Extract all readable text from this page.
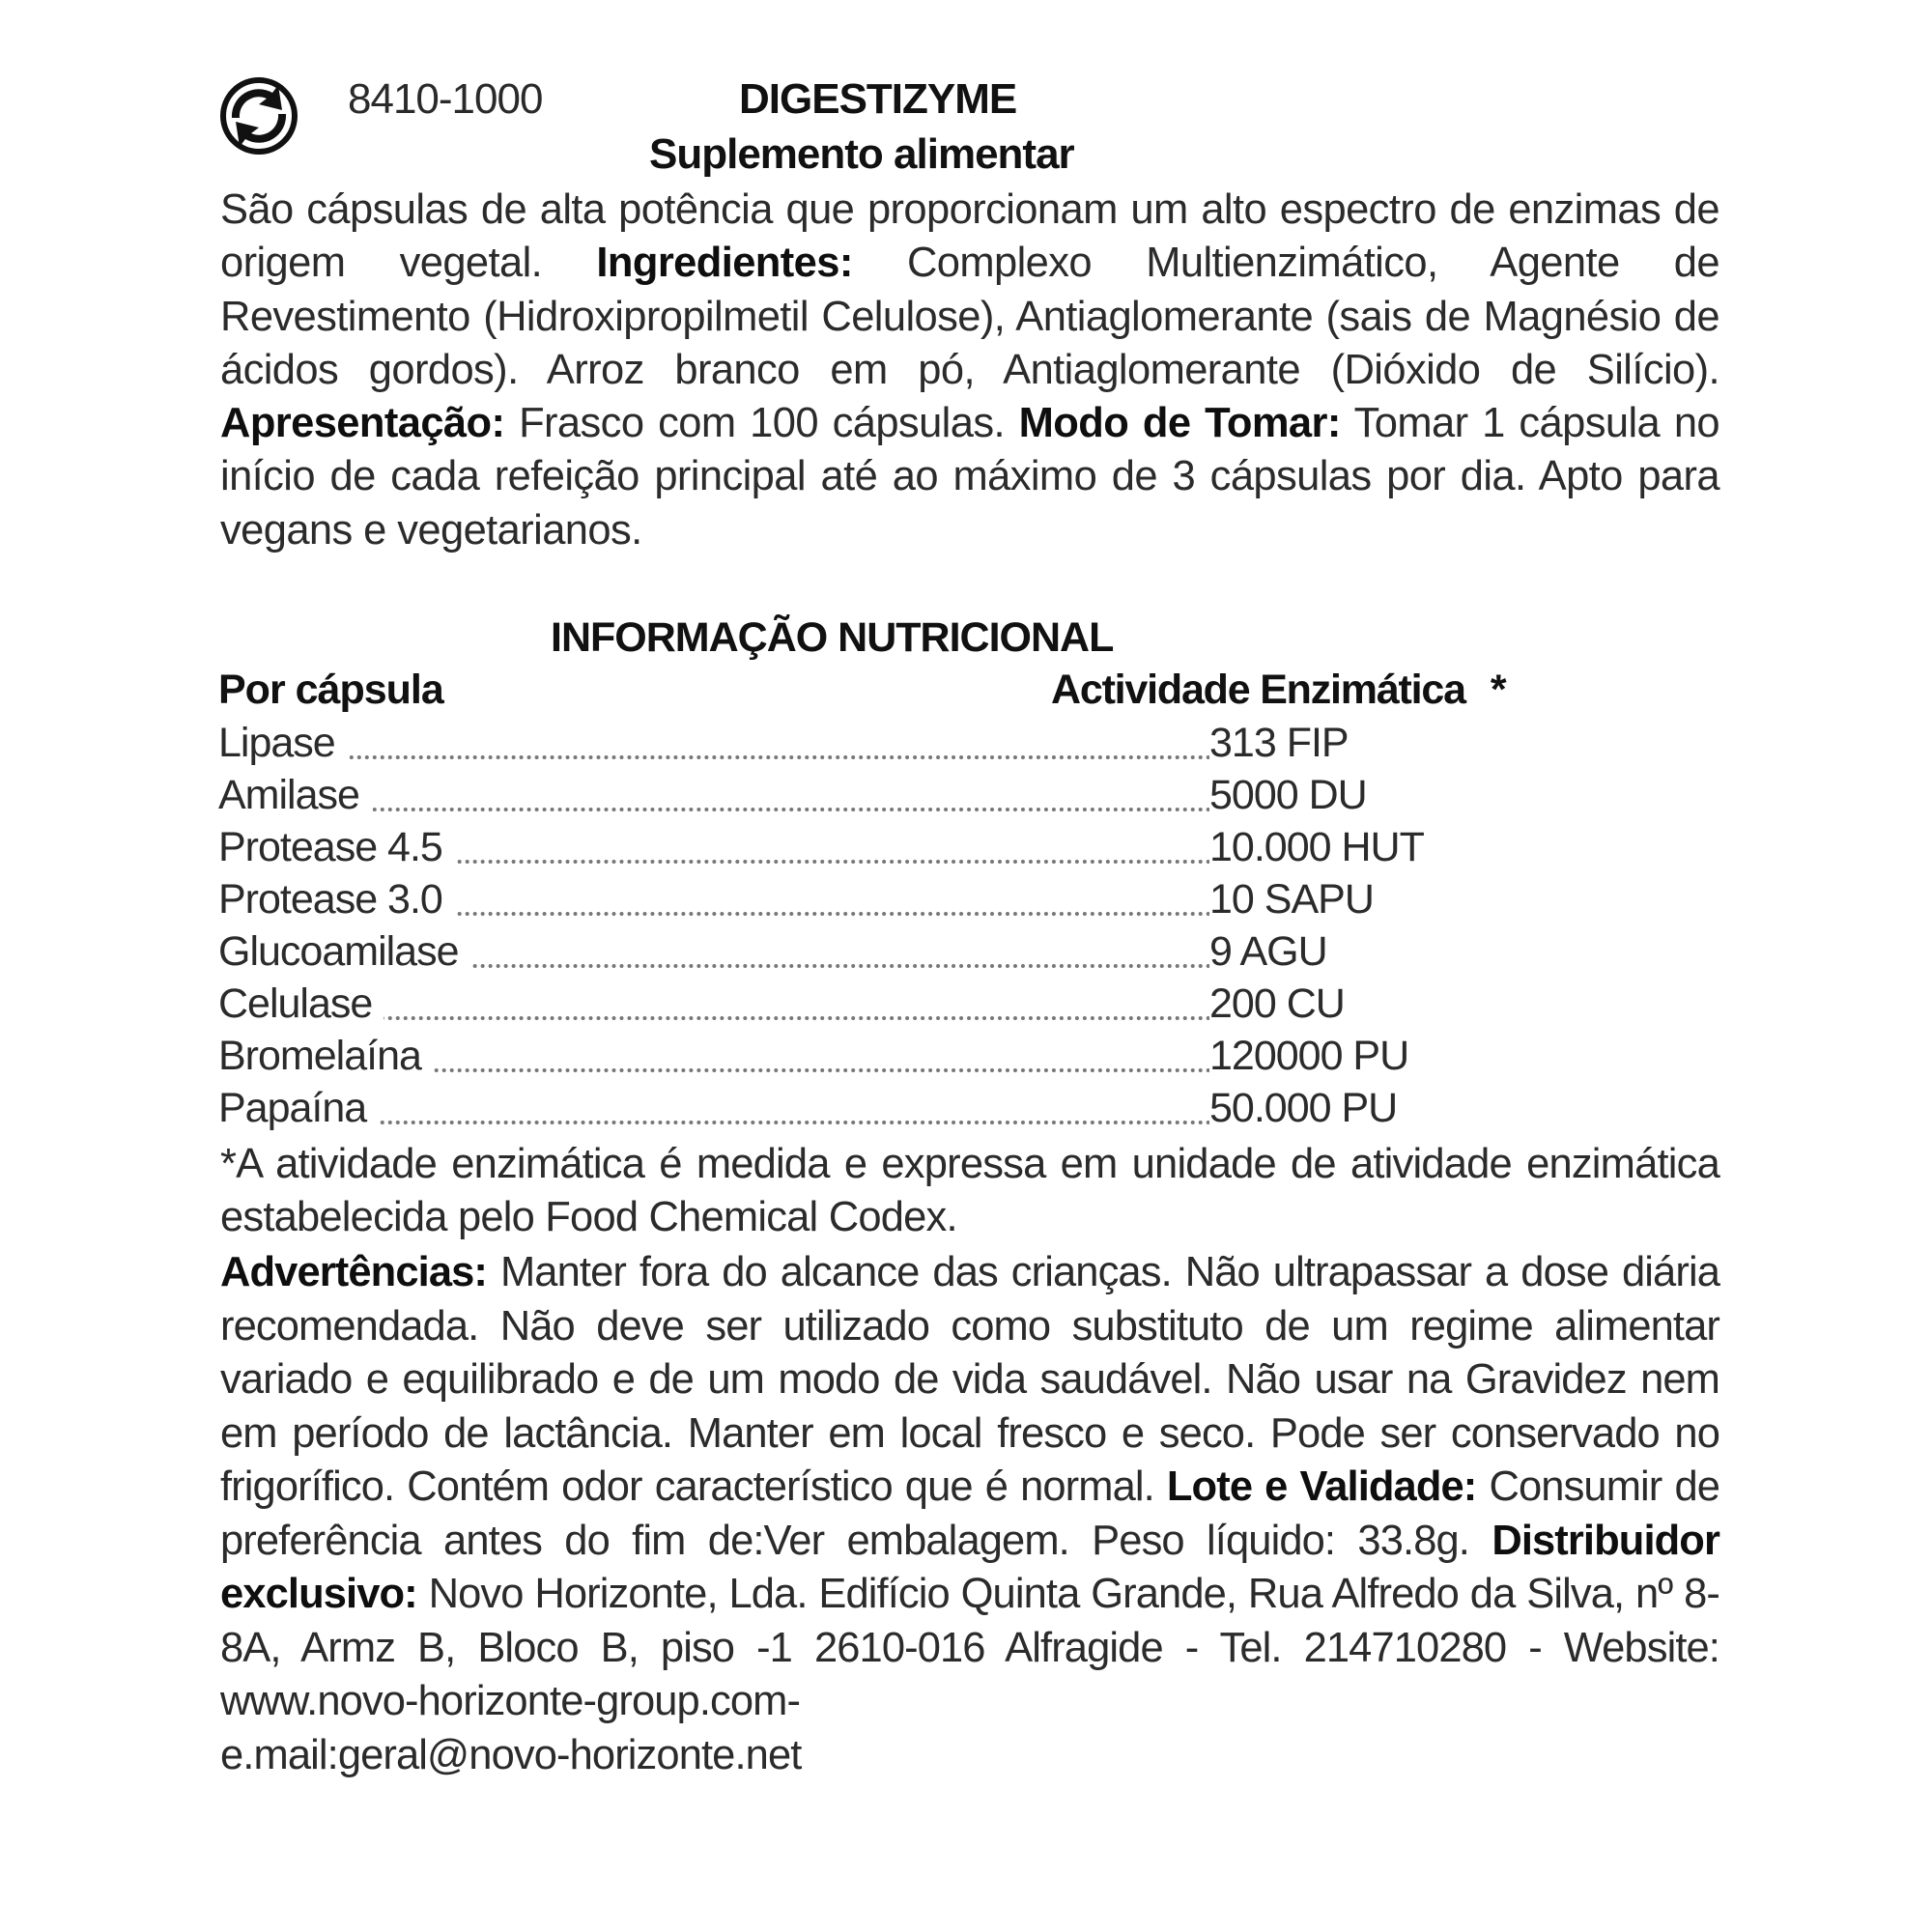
8410-1000	DIGESTIZYME
Suplemento alimentar
São cápsulas de alta potência que proporcionam um alto espectro de enzimas de origem vegetal. Ingredientes: Complexo Multienzimático, Agente de Revestimento (Hidroxipropilmetil Celulose), Antiaglomerante (sais de Magnésio de ácidos gordos). Arroz branco em pó, Antiaglomerante (Dióxido de Silício). Apresentação: Frasco com 100 cápsulas. Modo de Tomar: Tomar 1 cápsula no início de cada refeição principal até ao máximo de 3 cápsulas por dia. Apto para vegans e vegetarianos.
INFORMAÇÃO NUTRICIONAL
Por cápsula	Actividade Enzimática *
Lipase	313 FIP
Amilase	5000 DU
Protease 4.5	10.000 HUT
Protease 3.0	10 SAPU
Glucoamilase	9 AGU
Celulase	200 CU
Bromelaína	120000 PU
Papaína	50.000 PU
*A atividade enzimática é medida e expressa em unidade de atividade enzimática estabelecida pelo Food Chemical Codex.
Advertências: Manter fora do alcance das crianças. Não ultrapassar a dose diária recomendada. Não deve ser utilizado como substituto de um regime alimentar variado e equilibrado e de um modo de vida saudável. Não usar na Gravidez nem em período de lactância. Manter em local fresco e seco. Pode ser conservado no frigorífico. Contém odor característico que é normal. Lote e Validade: Consumir de preferência antes do fim de:Ver embalagem. Peso líquido: 33.8g. Distribuidor exclusivo: Novo Horizonte, Lda. Edifício Quinta Grande, Rua Alfredo da Silva, nº 8-8A, Armz B, Bloco B, piso -1 2610-016 Alfragide - Tel. 214710280 - Website: www.novo-horizonte-group.com-
e.mail:geral@novo-horizonte.net
